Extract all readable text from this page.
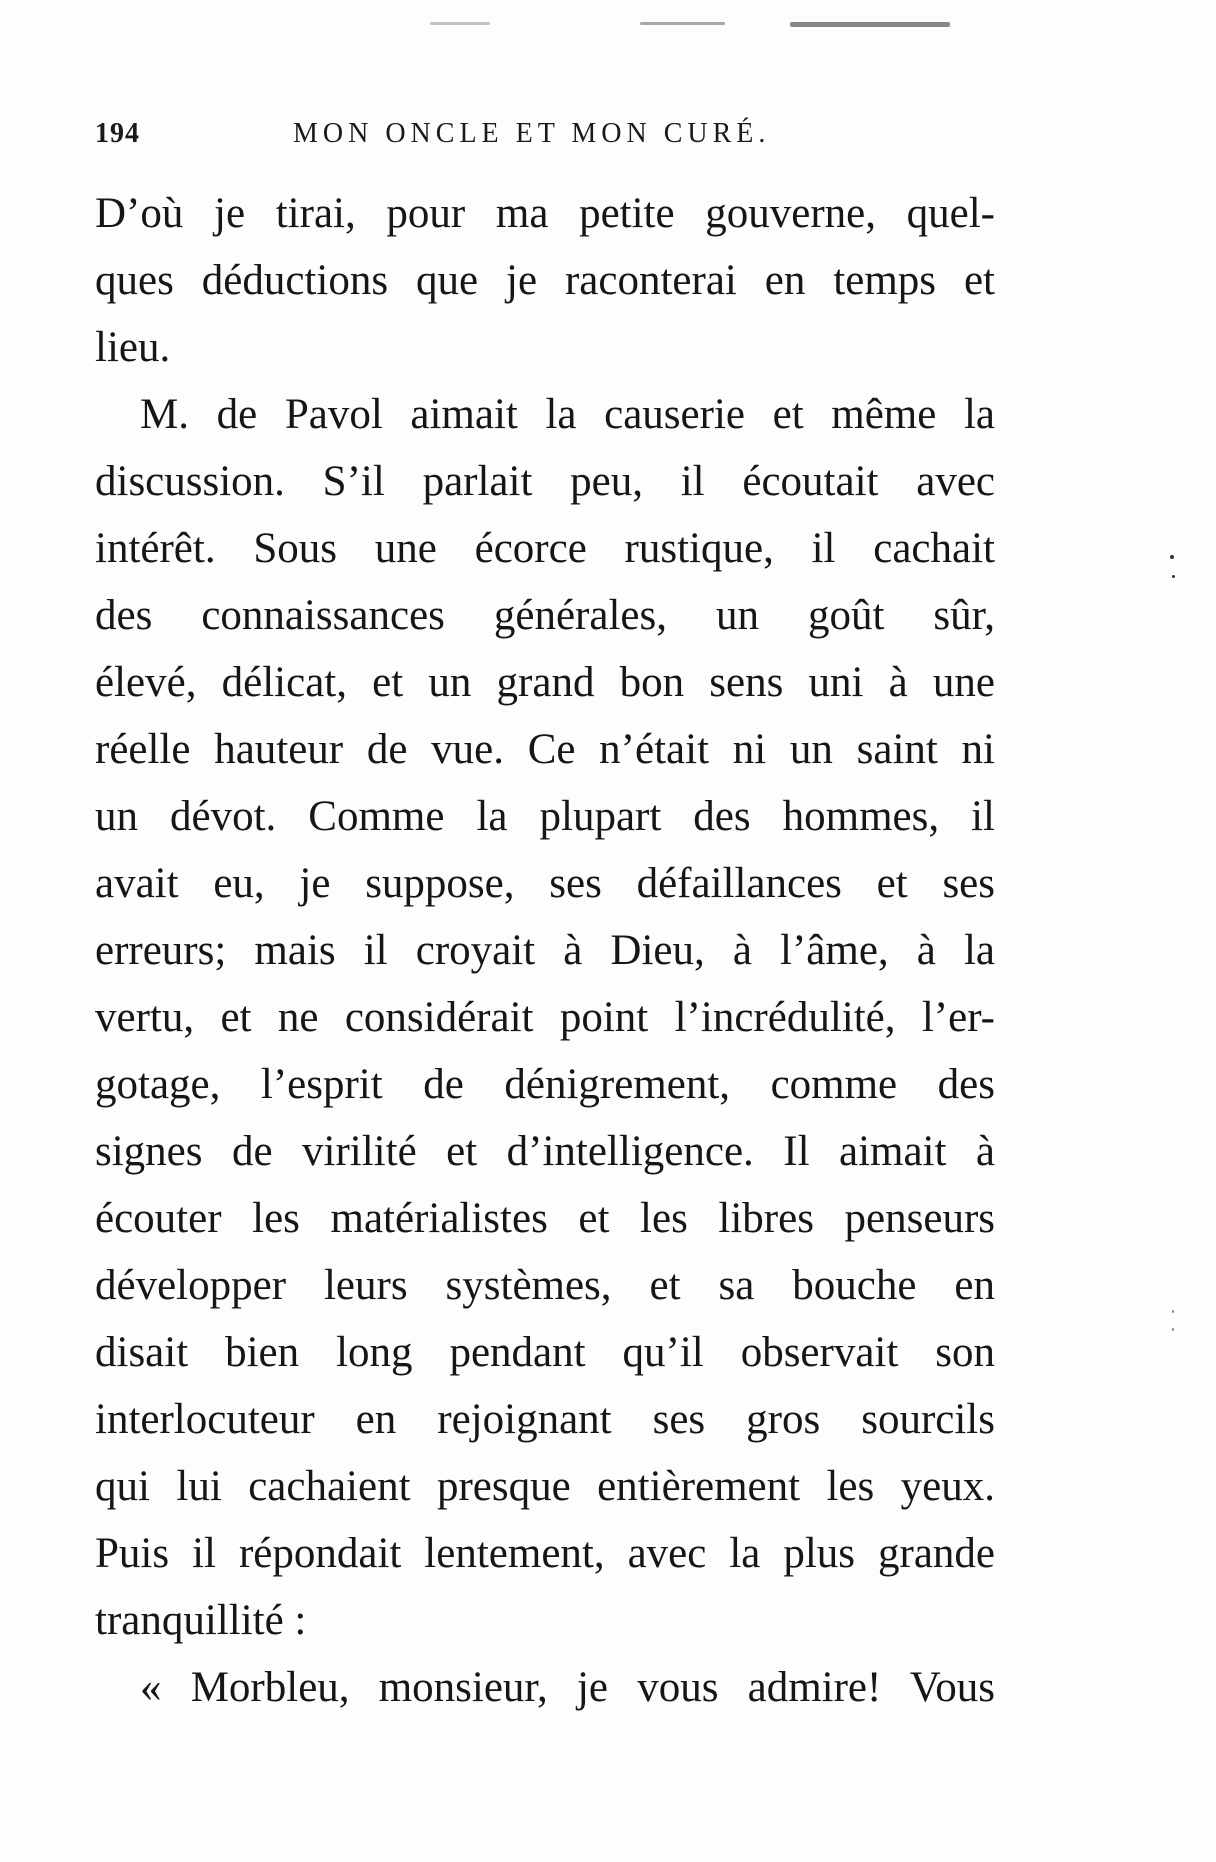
194	MON ONCLE ET MON CURÉ.
D’où je tirai, pour ma petite gouverne, quel-
ques déductions que je raconterai en temps et
lieu.
M. de Pavol aimait la causerie et même la
discussion. S’il parlait peu, il écoutait avec
intérêt. Sous une écorce rustique, il cachait
des connaissances générales, un goût sûr,
élevé, délicat, et un grand bon sens uni à une
réelle hauteur de vue. Ce n’était ni un saint ni
un dévot. Comme la plupart des hommes, il
avait eu, je suppose, ses défaillances et ses
erreurs; mais il croyait à Dieu, à l’âme, à la
vertu, et ne considérait point l’incrédulité, l’er-
gotage, l’esprit de dénigrement, comme des
signes de virilité et d’intelligence. Il aimait à
écouter les matérialistes et les libres penseurs
développer leurs systèmes, et sa bouche en
disait bien long pendant qu’il observait son
interlocuteur en rejoignant ses gros sourcils
qui lui cachaient presque entièrement les yeux.
Puis il répondait lentement, avec la plus grande
tranquillité :
« Morbleu, monsieur, je vous admire! Vous
